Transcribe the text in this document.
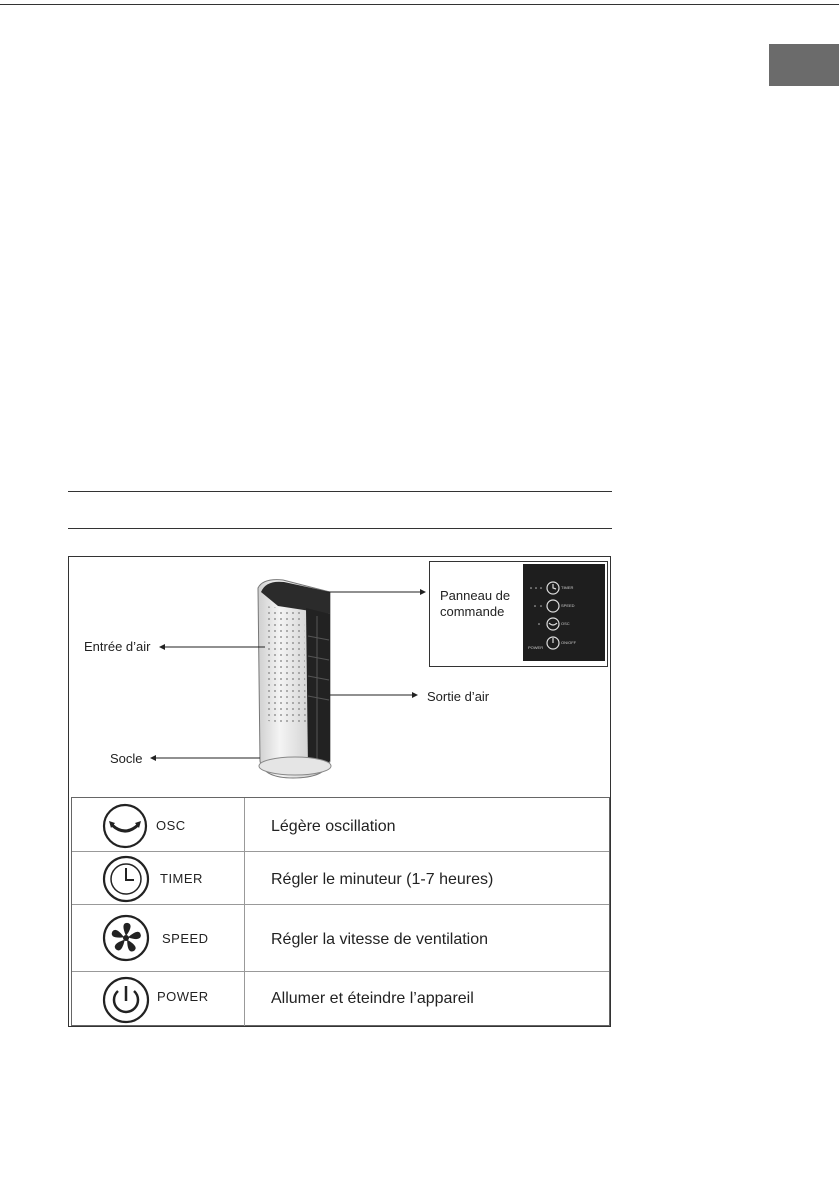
Entrée d’air
Sortie d’air
Socle
Panneau de commande
TIMER
SPEED
OSC
ON/OFF
POWER
OSC	Légère oscillation
TIMER	Régler le minuteur (1-7 heures)
SPEED	Régler la vitesse de ventilation
POWER	Allumer et éteindre l’appareil
